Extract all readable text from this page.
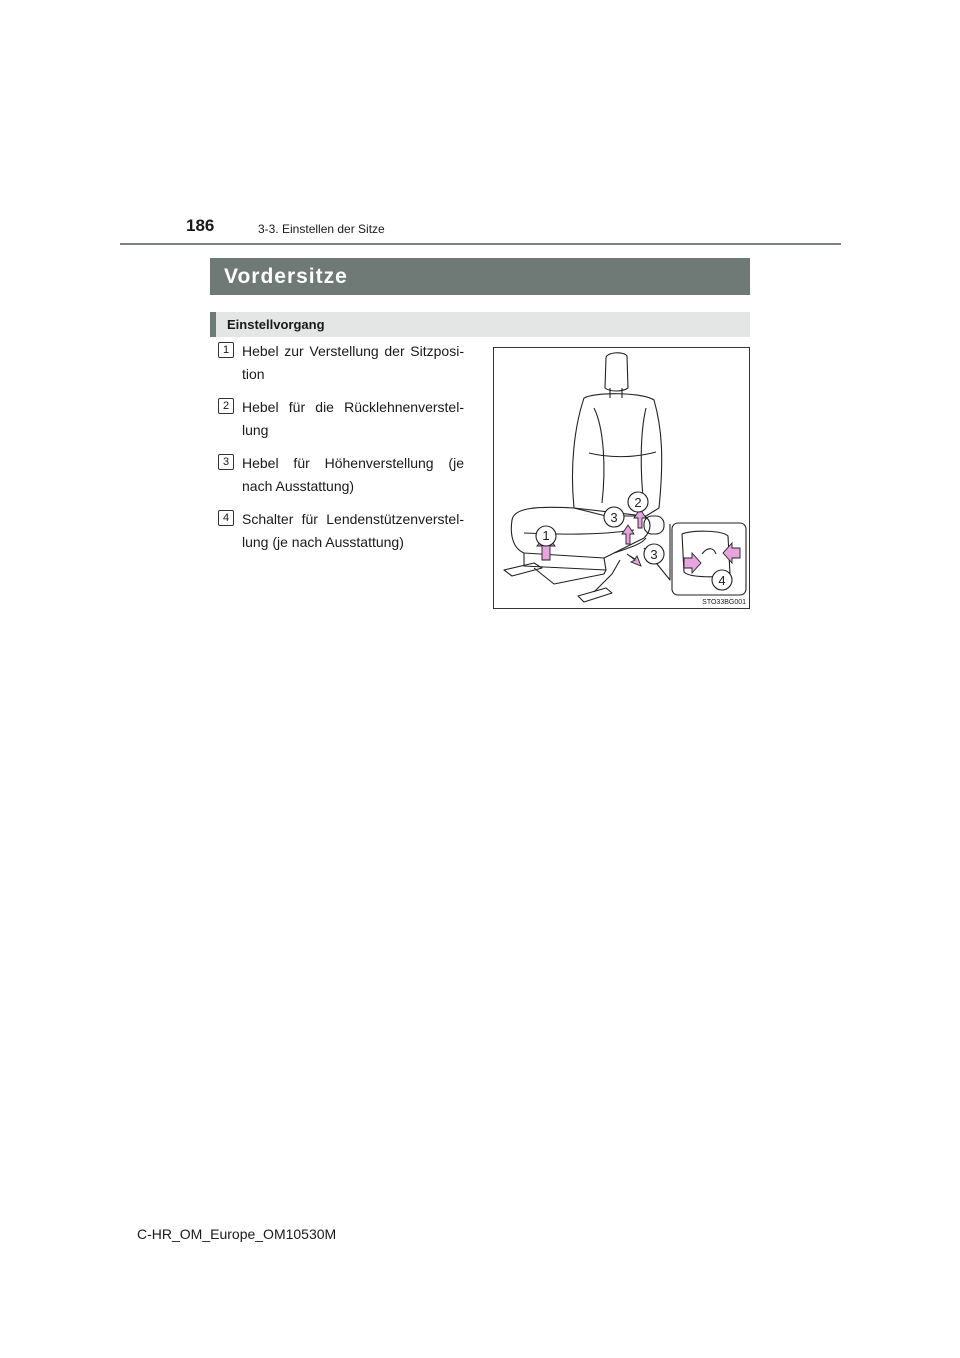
186	3-3. Einstellen der Sitze
Vordersitze
Einstellvorgang
1 Hebel zur Verstellung der Sitzposi-tion
2 Hebel für die Rücklehnenverstel-lung
3 Hebel für Höhenverstellung (je nach Ausstattung)
4 Schalter für Lendenstützenverstel-lung (je nach Ausstattung)	1
2
3
3
4
STO33BG001
C-HR_OM_Europe_OM10530M
